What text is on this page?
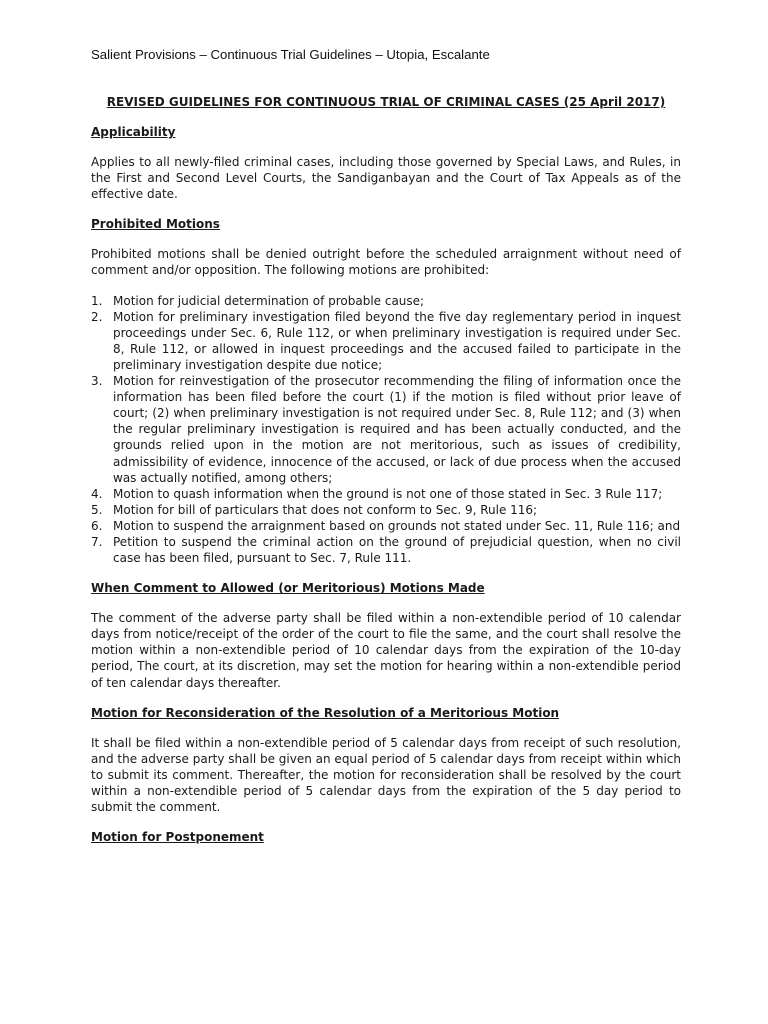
Salient Provisions – Continuous Trial Guidelines – Utopia, Escalante
REVISED GUIDELINES FOR CONTINUOUS TRIAL OF CRIMINAL CASES (25 April 2017)
Applicability

Applies to all newly-filed criminal cases, including those governed by Special Laws, and Rules, in the First and Second Level Courts, the Sandiganbayan and the Court of Tax Appeals as of the effective date.

Prohibited Motions

Prohibited motions shall be denied outright before the scheduled arraignment without need of comment and/or opposition. The following motions are prohibited:

1. Motion for judicial determination of probable cause;
2. Motion for preliminary investigation filed beyond the five day reglementary period in inquest proceedings under Sec. 6, Rule 112, or when preliminary investigation is required under Sec. 8, Rule 112, or allowed in inquest proceedings and the accused failed to participate in the preliminary investigation despite due notice;
3. Motion for reinvestigation of the prosecutor recommending the filing of information once the information has been filed before the court (1) if the motion is filed without prior leave of court; (2) when preliminary investigation is not required under Sec. 8, Rule 112; and (3) when the regular preliminary investigation is required and has been actually conducted, and the grounds relied upon in the motion are not meritorious, such as issues of credibility, admissibility of evidence, innocence of the accused, or lack of due process when the accused was actually notified, among others;
4. Motion to quash information when the ground is not one of those stated in Sec. 3 Rule 117;
5. Motion for bill of particulars that does not conform to Sec. 9, Rule 116;
6. Motion to suspend the arraignment based on grounds not stated under Sec. 11, Rule 116; and
7. Petition to suspend the criminal action on the ground of prejudicial question, when no civil case has been filed, pursuant to Sec. 7, Rule 111.
When Comment to Allowed (or Meritorious) Motions Made

The comment of the adverse party shall be filed within a non-extendible period of 10 calendar days from notice/receipt of the order of the court to file the same, and the court shall resolve the motion within a non-extendible period of 10 calendar days from the expiration of the 10-day period, The court, at its discretion, may set the motion for hearing within a non-extendible period of ten calendar days thereafter.

Motion for Reconsideration of the Resolution of a Meritorious Motion

It shall be filed within a non-extendible period of 5 calendar days from receipt of such resolution, and the adverse party shall be given an equal period of 5 calendar days from receipt within which to submit its comment. Thereafter, the motion for reconsideration shall be resolved by the court within a non-extendible period of 5 calendar days from the expiration of the 5 day period to submit the comment.

Motion for Postponement
